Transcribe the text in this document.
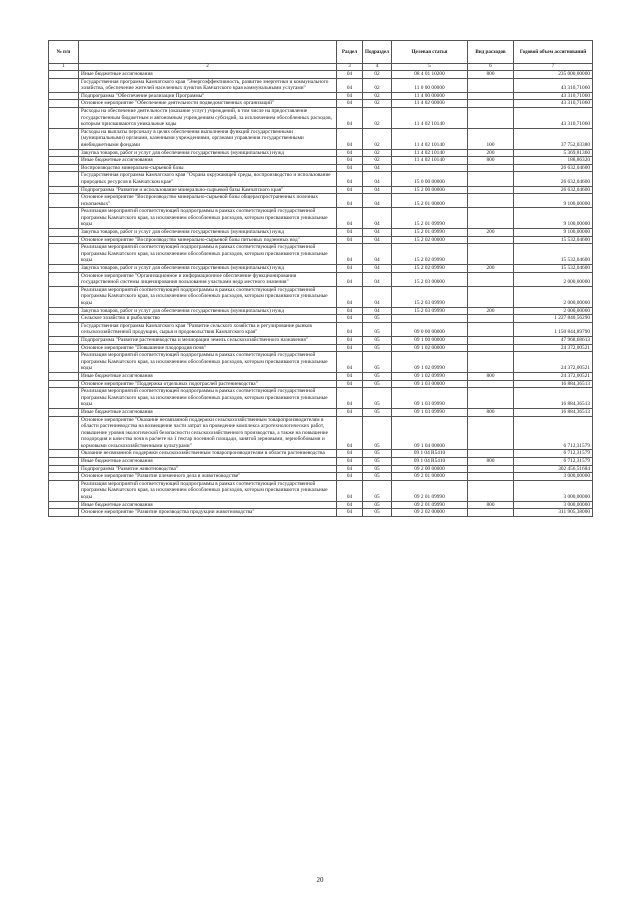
№ п/п		Раздел	Подраздел	Целевая статья	Вид расходов	Годовой объем ассигнований
1	2	3	4	5	6	7
	Иные бюджетные ассигнования	04	02	08 4 01 10200	800	235 000,00000
	Государственная программа Камчатского края "Энергоэффективность, развитие энергетики и коммунального хозяйства, обеспечение жителей населенных пунктов Камчатского края коммунальными услугами"	04	02	11 0 00 00000		43 310,71060
	Подпрограмма "Обеспечение реализации Программы"	04	02	11 4 00 00000		43 310,71060
	Основное мероприятие "Обеспечение деятельности подведомственных организаций"	04	02	11 4 02 00000		43 310,71060
	Расходы на обеспечение деятельности (оказание услуг) учреждений, в том числе на предоставление государственным бюджетным и автономным учреждениям субсидий, за исключением обособленных расходов, которым присваиваются уникальные коды	04	02	11 4 02 10140		43 310,71060
	Расходы на выплаты персоналу в целях обеспечения выполнения функций государственными (муниципальными) органами, казенными учреждениями, органами управления государственными внебюджетными фондами	04	02	11 4 02 10140	100	37 752,03380
	Закупка товаров, работ и услуг для обеспечения государственных (муниципальных) нужд	04	02	11 4 02 10140	200	5 369,81360
	Иные бюджетные ассигнования	04	02	11 4 02 10140	800	188,86320
	Воспроизводство минерально-сырьевой базы	04	04			26 632,04600
	Государственная программа Камчатского края "Охрана окружающей среды, воспроизводство и использование природных ресурсов в Камчатском крае"	04	04	15 0 00 00000		26 632,04600
	Подпрограмма "Развитие и использование минерально-сырьевой базы Камчатского края"	04	04	15 2 00 00000		26 632,04600
	Основное мероприятие "Воспроизводство минерально-сырьевой базы общераспространенных полезных ископаемых"	04	04	15 2 01 00000		9 100,00000
	Реализация мероприятий соответствующей подпрограммы в рамках соответствующей государственной программы Камчатского края, за исключением обособленных расходов, которым присваиваются уникальные коды	04	04	15 2 01 09990		9 100,00000
	Закупка товаров, работ и услуг для обеспечения государственных (муниципальных) нужд	04	04	15 2 01 09990	200	9 100,00000
	Основное мероприятие "Воспроизводство минерально-сырьевой базы питьевых подземных вод"	04	04	15 2 02 00000		15 532,04600
	Реализация мероприятий соответствующей подпрограммы в рамках соответствующей государственной программы Камчатского края, за исключением обособленных расходов, которым присваиваются уникальные коды	04	04	15 2 02 09990		15 532,04600
	Закупка товаров, работ и услуг для обеспечения государственных (муниципальных) нужд	04	04	15 2 02 09990	200	15 532,04600
	Основное мероприятие "Организационное и информационное обеспечение функционирования государственной системы лицензирования пользования участками недр местного значения"	04	04	15 2 03 00000		2 000,00000
	Реализация мероприятий соответствующей подпрограммы в рамках соответствующей государственной программы Камчатского края, за исключением обособленных расходов, которым присваиваются уникальные коды	04	04	15 2 03 09990		2 000,00000
	Закупка товаров, работ и услуг для обеспечения государственных (муниципальных) нужд	04	04	15 2 03 09990	200	2 000,00000
	Сельское хозяйство и рыболовство	04	05			1 227 840,56290
	Государственная программа Камчатского края "Развитие сельского хозяйства и регулирование рынков сельскохозяйственной продукции, сырья и продовольствия Камчатского края"	04	05	09 0 00 00000		1 150 844,89790
	Подпрограмма "Развитие растениеводства и мелиорации земель сельскохозяйственного назначения"	04	05	09 1 00 00000		47 968,68613
	Основное мероприятие "Повышение плодородия почв"	04	05	09 1 02 00000		24 372,00521
	Реализация мероприятий соответствующей подпрограммы в рамках соответствующей государственной программы Камчатского края, за исключением обособленных расходов, которым присваиваются уникальные коды	04	05	09 1 02 09990		24 372,00521
	Иные бюджетные ассигнования	04	05	09 1 02 09990	800	24 372,00521
	Основное мероприятие "Поддержка отдельных подотраслей растениеводства"	04	05	09 1 03 00000		16 884,36513
	Реализация мероприятий соответствующей подпрограммы в рамках соответствующей государственной программы Камчатского края, за исключением обособленных расходов, которым присваиваются уникальные коды	04	05	09 1 03 09990		16 884,36513
	Иные бюджетные ассигнования	04	05	09 1 03 09990	800	16 884,36513
	Основное мероприятие "Оказание несвязанной поддержки сельскохозяйственным товаропроизводителям в области растениеводства на возмещение части затрат на проведение комплекса агротехнологических работ, повышение уровня экологической безопасности сельскохозяйственного производства, а также на повышение плодородия и качества почв в расчете на 1 гектар посевной площади, занятой зерновыми, зернобобовыми и кормовыми сельскохозяйственными культурами"	04	05	09 1 04 00000		6 712,31579
	Оказание несвязанной поддержки сельскохозяйственным товаропроизводителям в области растениеводства	04	05	09 1 04 R5410		6 712,31579
	Иные бюджетные ассигнования	04	05	09 1 04 R5410	800	6 712,31579
	Подпрограмма "Развитие животноводства"	04	05	09 2 00 00000		302 456,51684
	Основное мероприятие "Развитие племенного дела в животноводстве"	04	05	09 2 01 00000		3 000,00000
	Реализация мероприятий соответствующей подпрограммы в рамках соответствующей государственной программы Камчатского края, за исключением обособленных расходов, которым присваиваются уникальные коды	04	05	09 2 01 09990		3 000,00000
	Иные бюджетные ассигнования	04	05	09 2 01 09990	800	3 000,00000
	Основное мероприятие "Развитие производства продукции животноводства"	04	05	09 2 02 00000		311 905,38000
20
